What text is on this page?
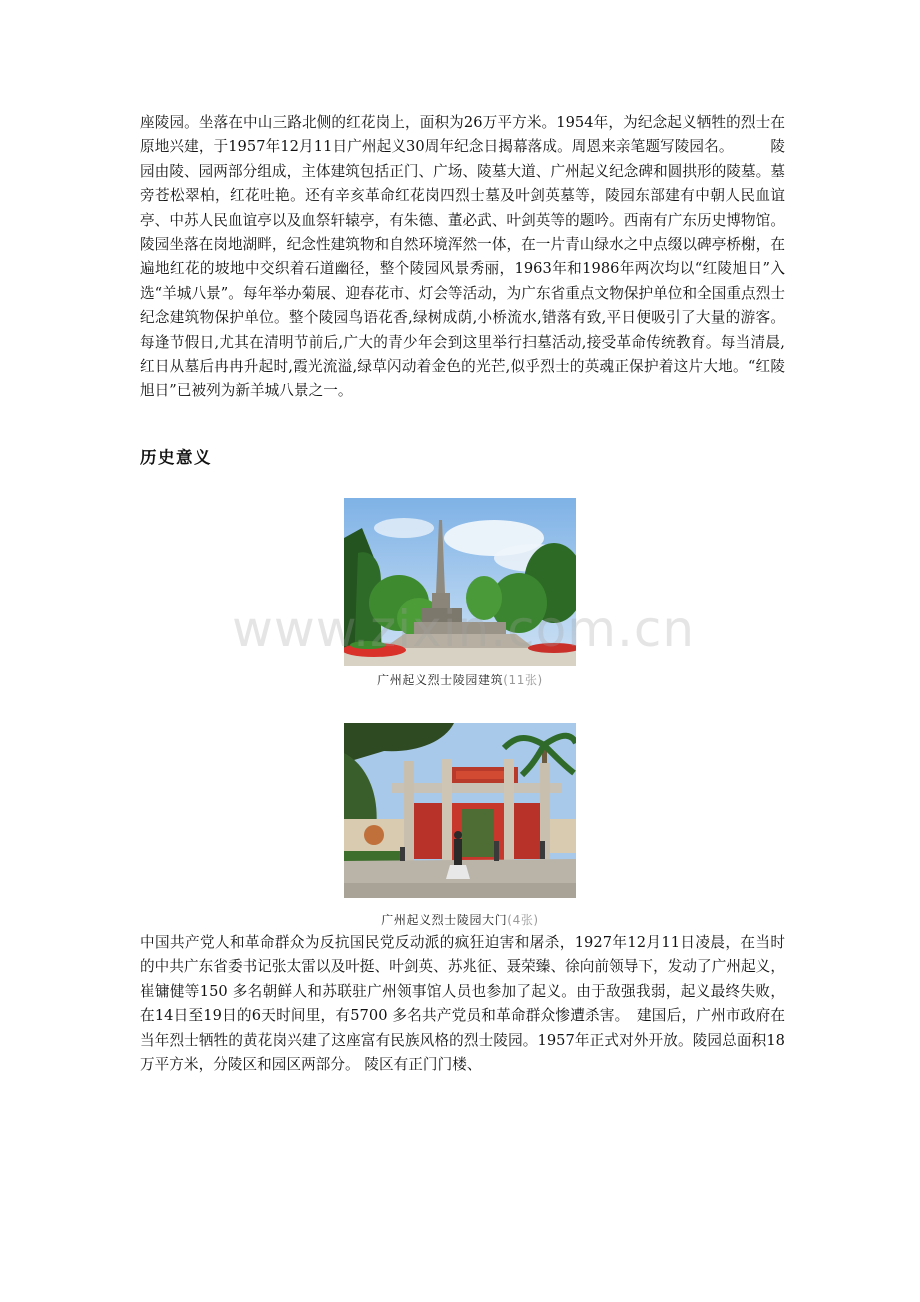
座陵园。坐落在中山三路北侧的红花岗上，面积为26万平方米。1954年，为纪念起义牺牲的烈士在原地兴建，于1957年12月11日广州起义30周年纪念日揭幕落成。周恩来亲笔题写陵园名。　　　陵园由陵、园两部分组成，主体建筑包括正门、广场、陵墓大道、广州起义纪念碑和圆拱形的陵墓。墓旁苍松翠柏，红花吐艳。还有辛亥革命红花岗四烈士墓及叶剑英墓等，陵园东部建有中朝人民血谊亭、中苏人民血谊亭以及血祭轩辕亭，有朱德、董必武、叶剑英等的题吟。西南有广东历史博物馆。陵园坐落在岗地湖畔，纪念性建筑物和自然环境浑然一体，在一片青山绿水之中点缀以碑亭桥榭，在遍地红花的坡地中交织着石道幽径，整个陵园风景秀丽，1963年和1986年两次均以“红陵旭日”入选“羊城八景”。每年举办菊展、迎春花市、灯会等活动，为广东省重点文物保护单位和全国重点烈士纪念建筑物保护单位。整个陵园鸟语花香,绿树成荫,小桥流水,错落有致,平日便吸引了大量的游客。每逢节假日,尤其在清明节前后,广大的青少年会到这里举行扫墓活动,接受革命传统教育。每当清晨,红日从墓后冉冉升起时,霞光流溢,绿草闪动着金色的光芒,似乎烈士的英魂正保护着这片大地。“红陵旭日”已被列为新羊城八景之一。

历史意义
广州起义烈士陵园建筑(11张)
广州起义烈士陵园大门(4张)

中国共产党人和革命群众为反抗国民党反动派的疯狂迫害和屠杀，1927年12月11日凌晨，在当时的中共广东省委书记张太雷以及叶挺、叶剑英、苏兆征、聂荣臻、徐向前领导下，发动了广州起义，崔镛健等150 多名朝鲜人和苏联驻广州领事馆人员也参加了起义。由于敌强我弱，起义最终失败，在14日至19日的6天时间里，有5700 多名共产党员和革命群众惨遭杀害。　建国后，广州市政府在当年烈士牺牲的黄花岗兴建了这座富有民族风格的烈士陵园。1957年正式对外开放。陵园总面积18万平方米，分陵区和园区两部分。 陵区有正门门楼、

www.zixin.com.cn
